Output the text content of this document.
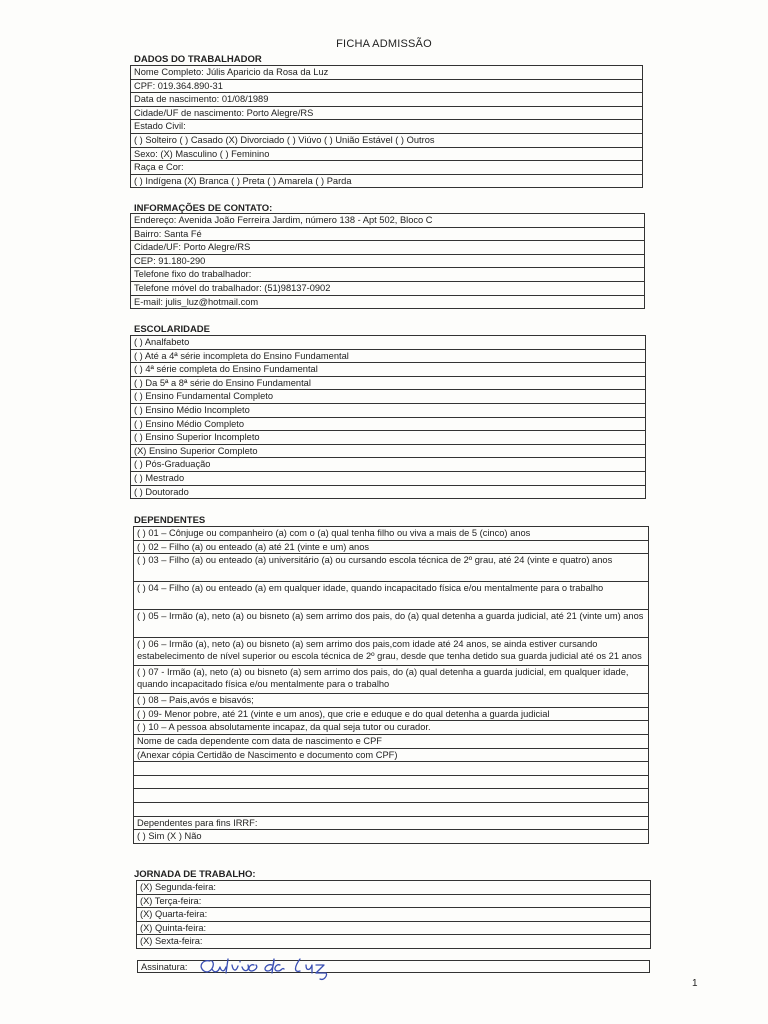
FICHA ADMISSÃO
DADOS DO TRABALHADOR
Nome Completo: Júlis Aparicio da Rosa da Luz
CPF: 019.364.890-31
Data de nascimento: 01/08/1989
Cidade/UF de nascimento: Porto Alegre/RS
Estado Civil:
( ) Solteiro ( ) Casado (X) Divorciado ( ) Viúvo ( ) União Estável ( ) Outros
Sexo: (X) Masculino ( ) Feminino
Raça e Cor:
( ) Indígena (X) Branca ( ) Preta ( ) Amarela ( ) Parda
INFORMAÇÕES DE CONTATO:
Endereço: Avenida João Ferreira Jardim, número 138 - Apt 502, Bloco C
Bairro: Santa Fé
Cidade/UF: Porto Alegre/RS
CEP: 91.180-290
Telefone fixo do trabalhador:
Telefone móvel do trabalhador: (51)98137-0902
E-mail: julis_luz@hotmail.com
ESCOLARIDADE
( ) Analfabeto
( ) Até a 4ª série incompleta do Ensino Fundamental
( ) 4ª série completa do Ensino Fundamental
( ) Da 5ª a 8ª série do Ensino Fundamental
( ) Ensino Fundamental Completo
( ) Ensino Médio Incompleto
( ) Ensino Médio Completo
( ) Ensino Superior Incompleto
(X) Ensino Superior Completo
( ) Pós-Graduação
( ) Mestrado
( ) Doutorado
DEPENDENTES
( ) 01 – Cônjuge ou companheiro (a) com o (a) qual tenha filho ou viva a mais de 5 (cinco) anos
( ) 02 – Filho (a) ou enteado (a) até 21 (vinte e um) anos
( ) 03 – Filho (a) ou enteado (a) universitário (a) ou cursando escola técnica de 2º grau, até 24 (vinte e quatro) anos
( ) 04 – Filho (a) ou enteado (a) em qualquer idade, quando incapacitado física e/ou mentalmente para o trabalho
( ) 05 – Irmão (a), neto (a) ou bisneto (a) sem arrimo dos pais, do (a) qual detenha a guarda judicial, até 21 (vinte um) anos
( ) 06 – Irmão (a), neto (a) ou bisneto (a) sem arrimo dos pais,com idade até 24 anos, se ainda estiver cursando estabelecimento de nível superior ou escola técnica de 2º grau, desde que tenha detido sua guarda judicial até os 21 anos
( ) 07 - Irmão (a), neto (a) ou bisneto (a) sem arrimo dos pais, do (a) qual detenha a guarda judicial, em qualquer idade, quando incapacitado física e/ou mentalmente para o trabalho
( ) 08 – Pais,avós e bisavós;
( ) 09- Menor pobre, até 21 (vinte e um anos), que crie e eduque e do qual detenha a guarda judicial
( ) 10 – A pessoa absolutamente incapaz, da qual seja tutor ou curador.
Nome de cada dependente com data de nascimento e CPF
(Anexar cópia Certidão de Nascimento e documento com CPF)

Dependentes para fins IRRF:
( ) Sim (X ) Não
JORNADA DE TRABALHO:
(X) Segunda-feira:
(X) Terça-feira:
(X) Quarta-feira:
(X) Quinta-feira:
(X) Sexta-feira:
Assinatura:
1
